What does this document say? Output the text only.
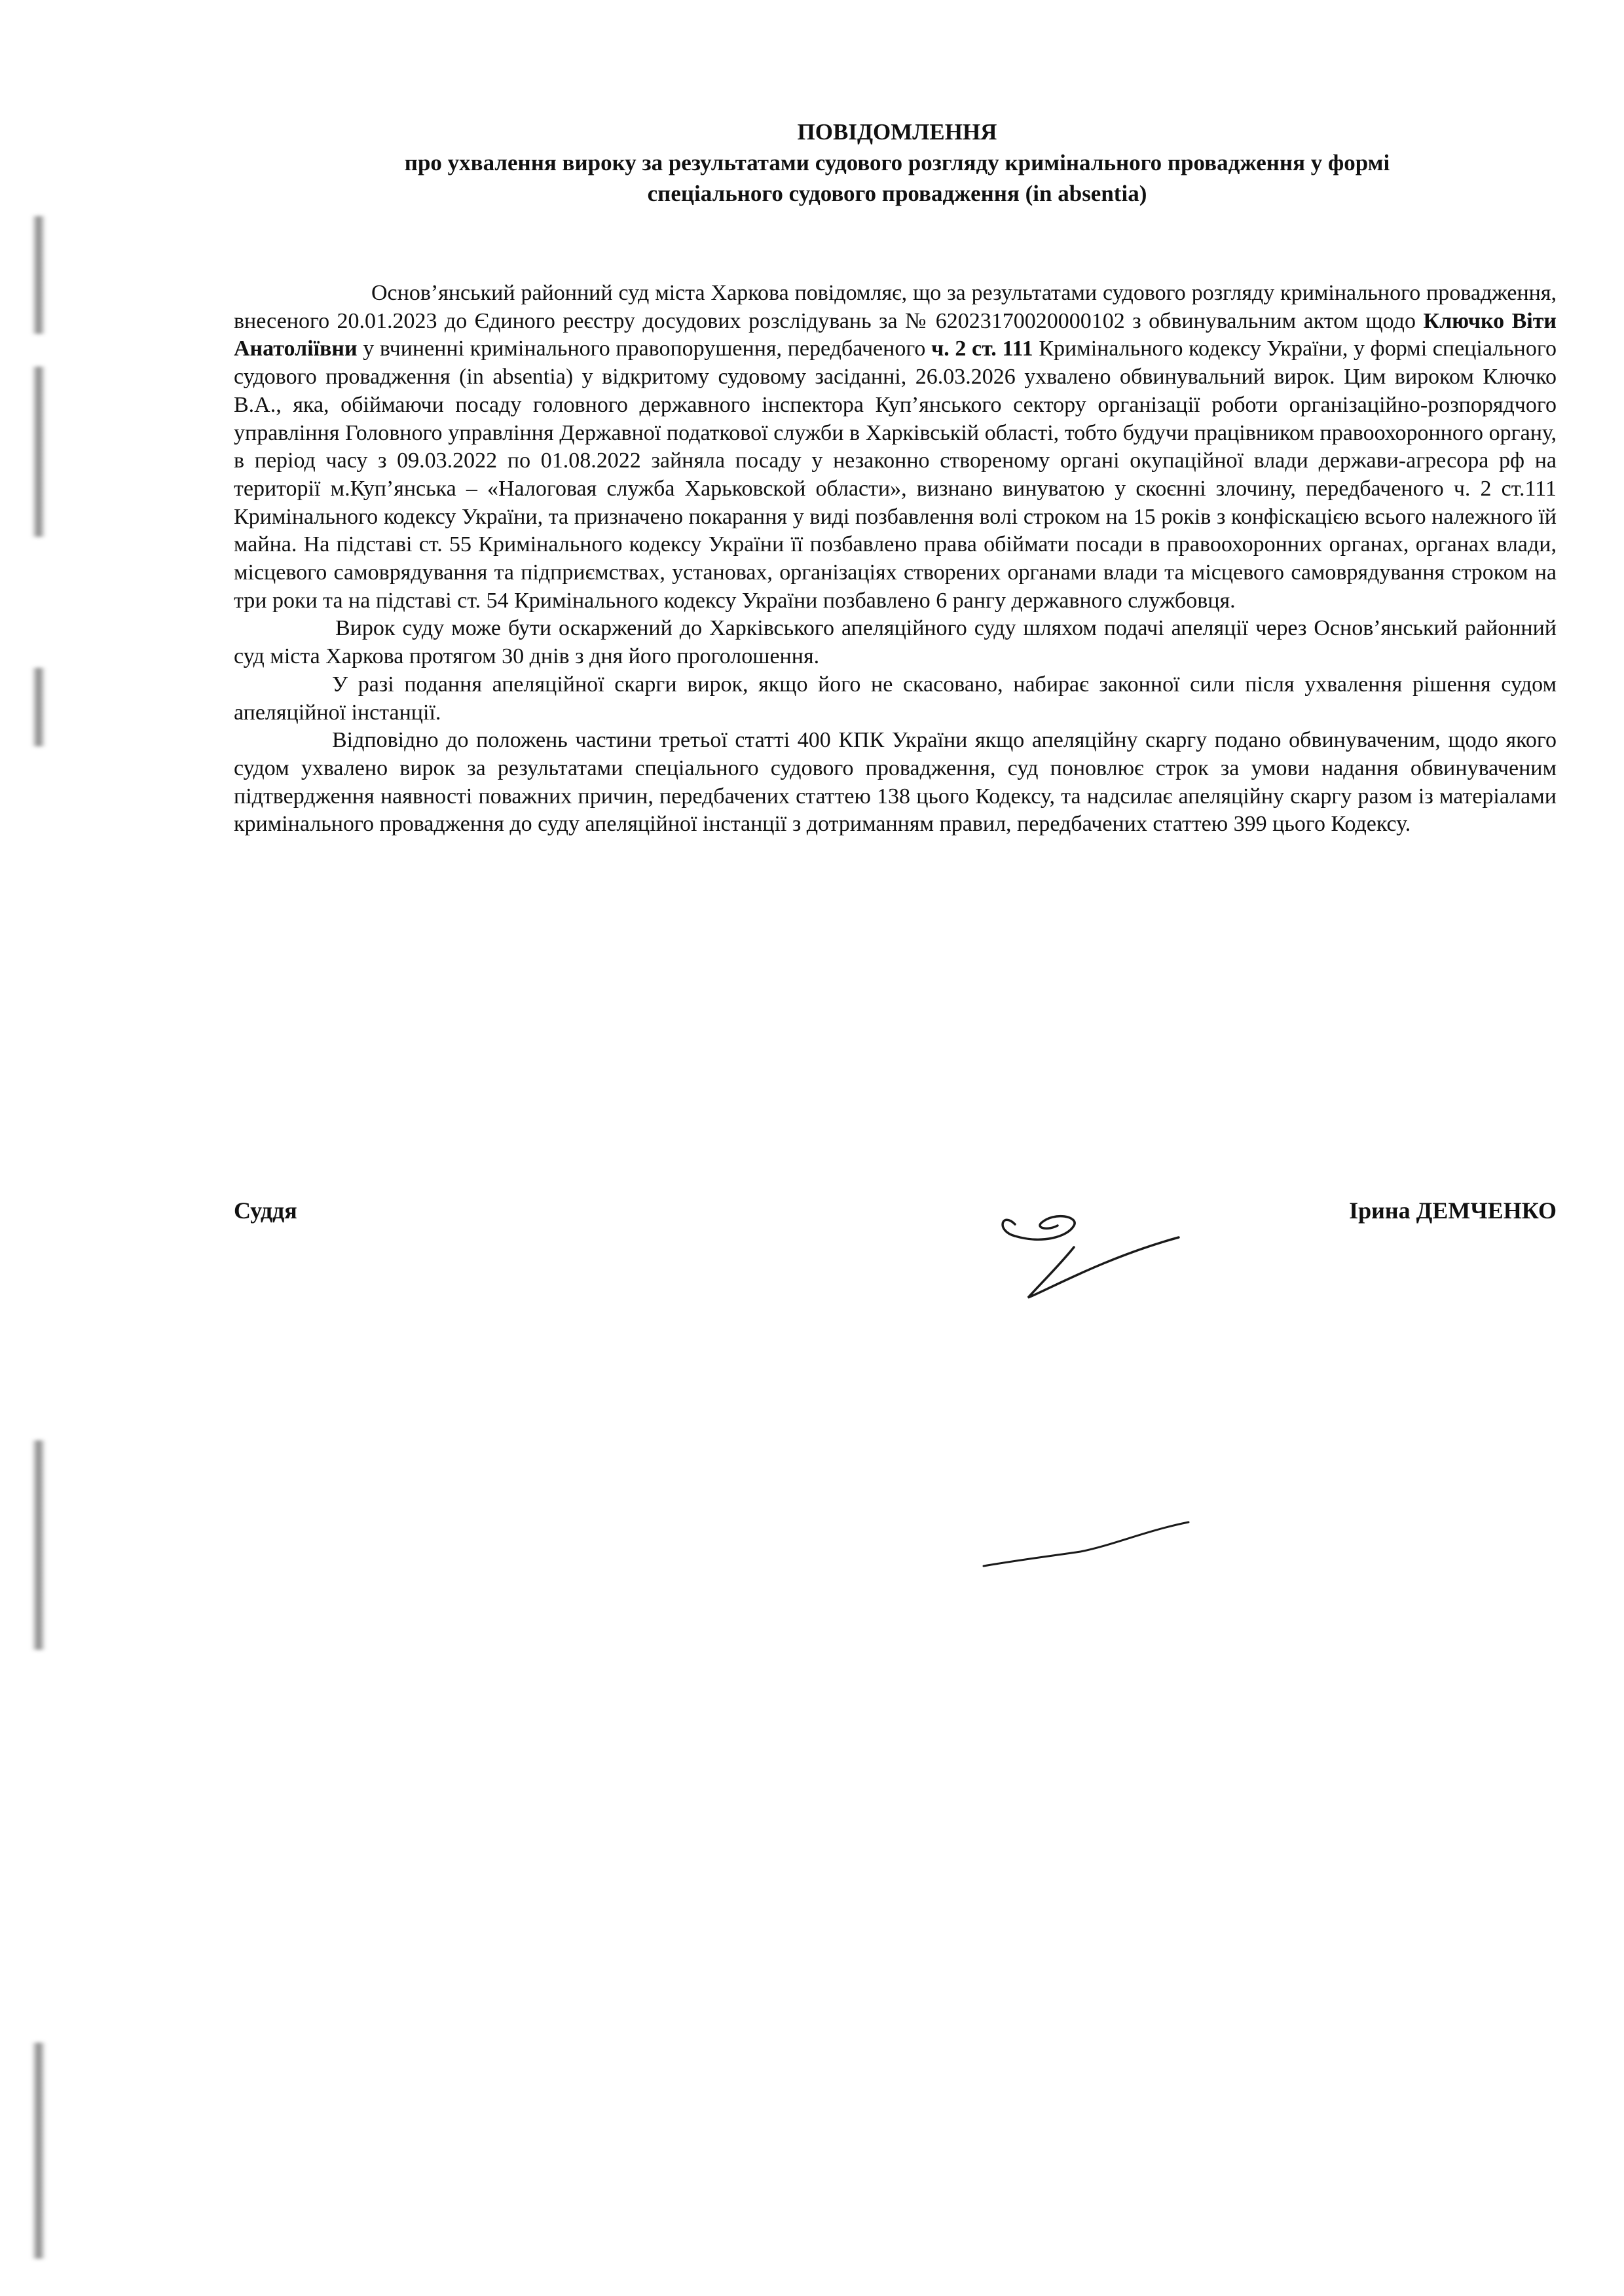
ПОВІДОМЛЕННЯ
про ухвалення вироку за результатами судового розгляду кримінального провадження у формі
спеціального судового провадження (in absentia)

Основ’янський районний суд міста Харкова повідомляє, що за результатами судового розгляду кримінального провадження, внесеного 20.01.2023 до Єдиного реєстру досудових розслідувань за № 62023170020000102 з обвинувальним актом щодо Ключко Віти Анатоліївни у вчиненні кримінального правопорушення, передбаченого ч. 2 ст. 111 Кримінального кодексу України, у формі спеціального судового провадження (in absentia) у відкритому судовому засіданні, 26.03.2026 ухвалено обвинувальний вирок. Цим вироком Ключко В.А., яка, обіймаючи посаду головного державного інспектора Куп’янського сектору організації роботи організаційно-розпорядчого управління Головного управління Державної податкової служби в Харківській області, тобто будучи працівником правоохоронного органу, в період часу з 09.03.2022 по 01.08.2022 зайняла посаду у незаконно створеному органі окупаційної влади держави-агресора рф на території м.Куп’янська – «Налоговая служба Харьковской области», визнано винуватою у скоєнні злочину, передбаченого ч. 2 ст.111 Кримінального кодексу України, та призначено покарання у виді позбавлення волі строком на 15 років з конфіскацією всього належного їй майна. На підставі ст. 55 Кримінального кодексу України її позбавлено права обіймати посади в правоохоронних органах, органах влади, місцевого самоврядування та підприємствах, установах, організаціях створених органами влади та місцевого самоврядування строком на три роки та на підставі ст. 54 Кримінального кодексу України позбавлено 6 рангу державного службовця.

Вирок суду може бути оскаржений до Харківського апеляційного суду шляхом подачі апеляції через Основ’янський районний суд міста Харкова протягом 30 днів з дня його проголошення.

У разі подання апеляційної скарги вирок, якщо його не скасовано, набирає законної сили після ухвалення рішення судом апеляційної інстанції.

Відповідно до положень частини третьої статті 400 КПК України якщо апеляційну скаргу подано обвинуваченим, щодо якого судом ухвалено вирок за результатами спеціального судового провадження, суд поновлює строк за умови надання обвинуваченим підтвердження наявності поважних причин, передбачених статтею 138 цього Кодексу, та надсилає апеляційну скаргу разом із матеріалами кримінального провадження до суду апеляційної інстанції з дотриманням правил, передбачених статтею 399 цього Кодексу.

Суддя	Ірина ДЕМЧЕНКО
